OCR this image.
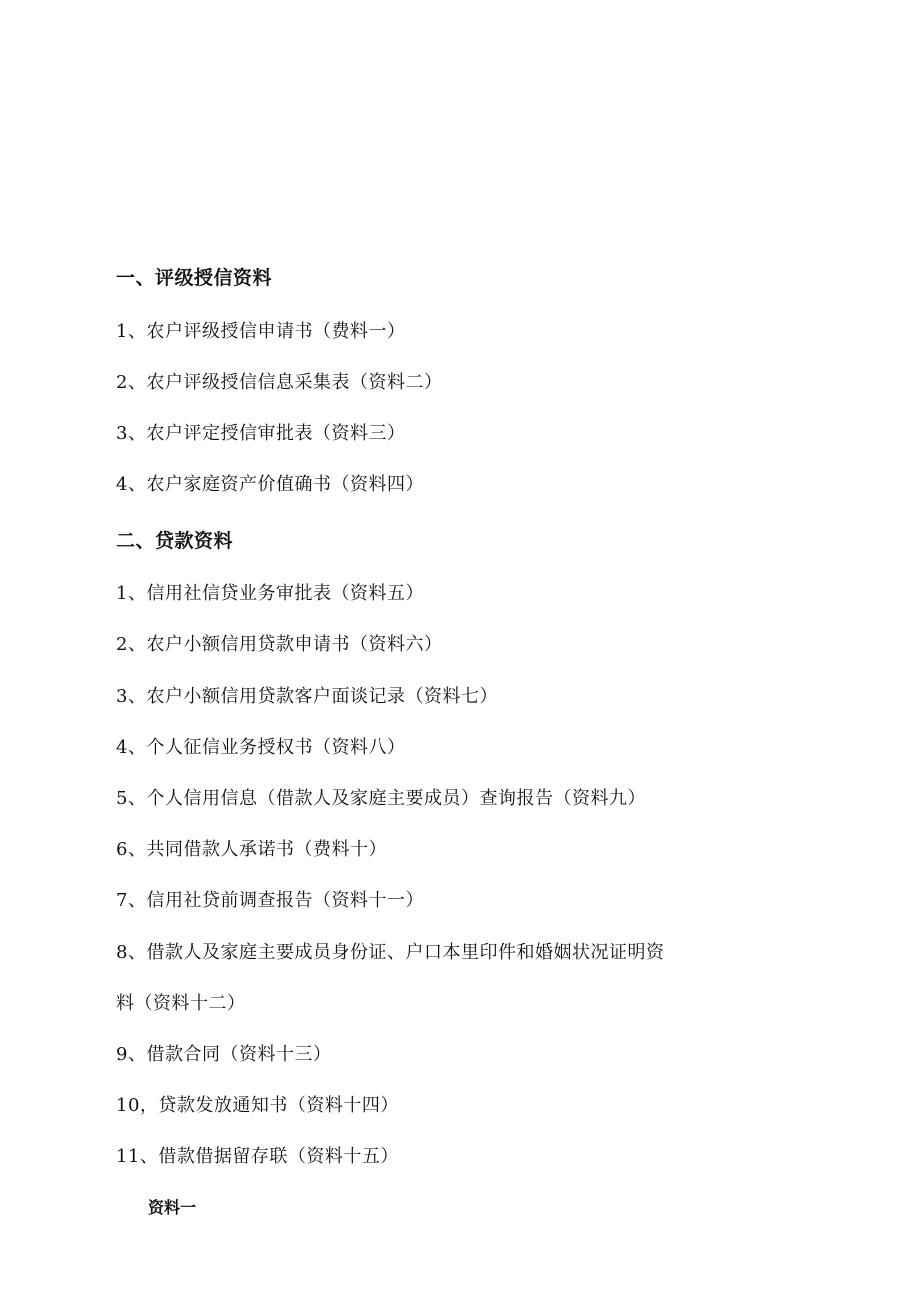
一、评级授信资料
1、农户评级授信申请书（费料一）
2、农户评级授信信息采集表（资料二）
3、农户评定授信审批表（资料三）
4、农户家庭资产价值确书（资料四）
二、贷款资料
1、信用社信贷业务审批表（资料五）
2、农户小额信用贷款申请书（资料六）
3、农户小额信用贷款客户面谈记录（资料七）
4、个人征信业务授权书（资料八）
5、个人信用信息（借款人及家庭主要成员）查询报告（资料九）
6、共同借款人承诺书（费料十）
7、信用社贷前调查报告（资料十一）
8、借款人及家庭主要成员身份证、户口本里印件和婚姻状况证明资
料（资料十二）
9、借款合同（资料十三）
10，贷款发放通知书（资料十四）
11、借款借据留存联（资料十五）
资料一
